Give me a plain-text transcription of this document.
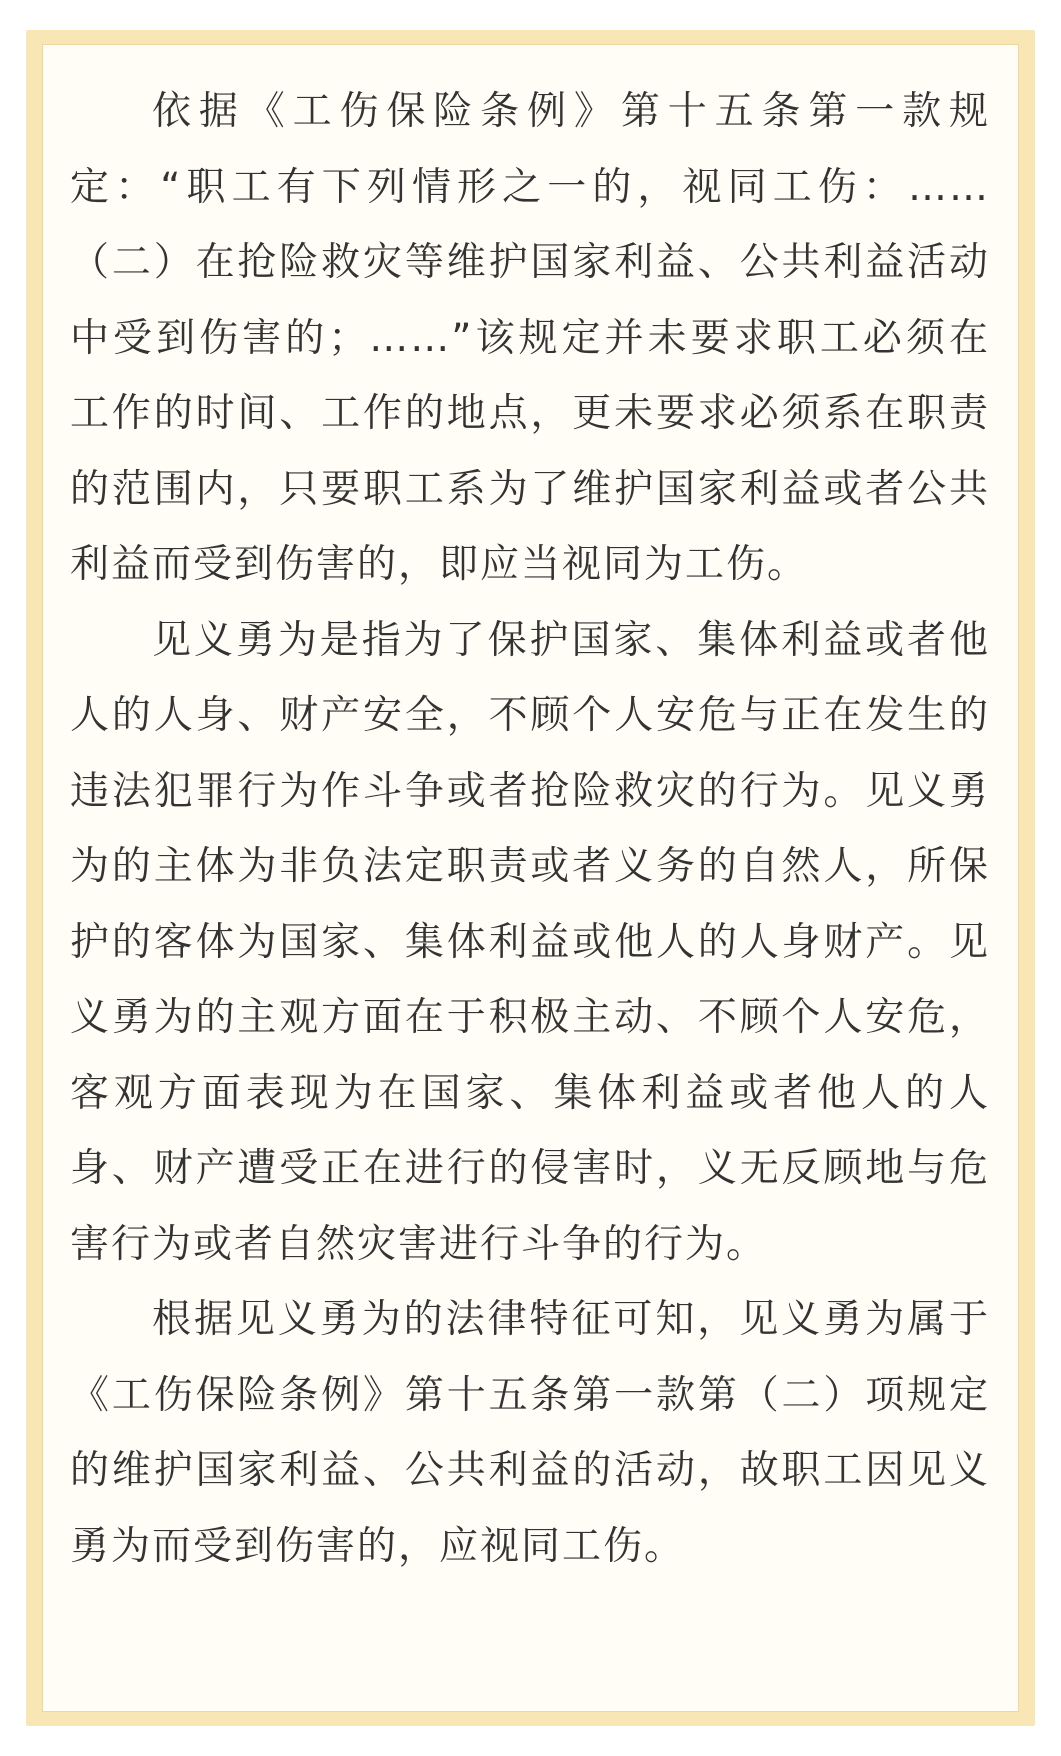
依据《工伤保险条例》第十五条第一款规定：“职工有下列情形之一的，视同工伤：……（二）在抢险救灾等维护国家利益、公共利益活动中受到伤害的；……”该规定并未要求职工必须在工作的时间、工作的地点，更未要求必须系在职责的范围内，只要职工系为了维护国家利益或者公共利益而受到伤害的，即应当视同为工伤。

见义勇为是指为了保护国家、集体利益或者他人的人身、财产安全，不顾个人安危与正在发生的违法犯罪行为作斗争或者抢险救灾的行为。见义勇为的主体为非负法定职责或者义务的自然人，所保护的客体为国家、集体利益或他人的人身财产。见义勇为的主观方面在于积极主动、不顾个人安危，客观方面表现为在国家、集体利益或者他人的人身、财产遭受正在进行的侵害时，义无反顾地与危害行为或者自然灾害进行斗争的行为。

根据见义勇为的法律特征可知，见义勇为属于《工伤保险条例》第十五条第一款第（二）项规定的维护国家利益、公共利益的活动，故职工因见义勇为而受到伤害的，应视同工伤。
